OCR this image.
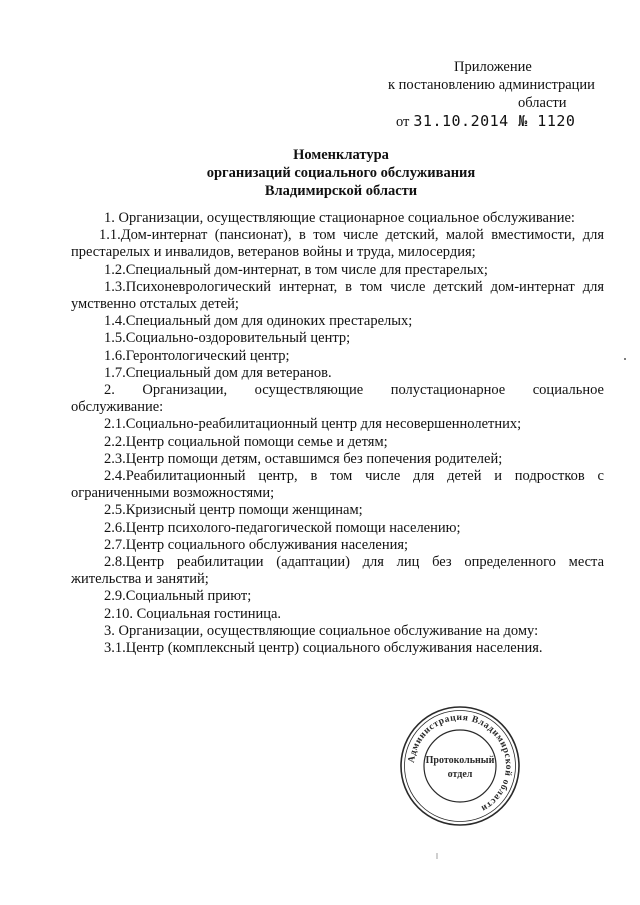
Приложение
к постановлению администрации
области
от 31.10.2014 № 1120
Номенклатура
организаций социального обслуживания
Владимирской области

1. Организации, осуществляющие стационарное социальное обслуживание:

1.1.Дом-интернат (пансионат), в том числе детский, малой вместимости, для престарелых и инвалидов, ветеранов войны и труда, милосердия;

1.2.Специальный дом-интернат, в том числе для престарелых;

1.3.Психоневрологический интернат, в том числе детский дом-интернат для умственно отсталых детей;

1.4.Специальный дом для одиноких престарелых;

1.5.Социально-оздоровительный центр;

1.6.Геронтологический центр;

1.7.Специальный дом для ветеранов.

2. Организации, осуществляющие полустационарное социальное обслуживание:

2.1.Социально-реабилитационный центр для несовершеннолетних;

2.2.Центр социальной помощи семье и детям;

2.3.Центр помощи детям, оставшимся без попечения родителей;

2.4.Реабилитационный центр, в том числе для детей и подростков с ограниченными возможностями;

2.5.Кризисный центр помощи женщинам;

2.6.Центр психолого-педагогической помощи населению;

2.7.Центр социального обслуживания населения;

2.8.Центр реабилитации (адаптации) для лиц без определенного места жительства и занятий;

2.9.Социальный приют;

2.10. Социальная гостиница.

3. Организации, осуществляющие социальное обслуживание на дому:

3.1.Центр (комплексный центр) социального обслуживания населения.

Администрация Владимирской области
Протокольный
отдел
